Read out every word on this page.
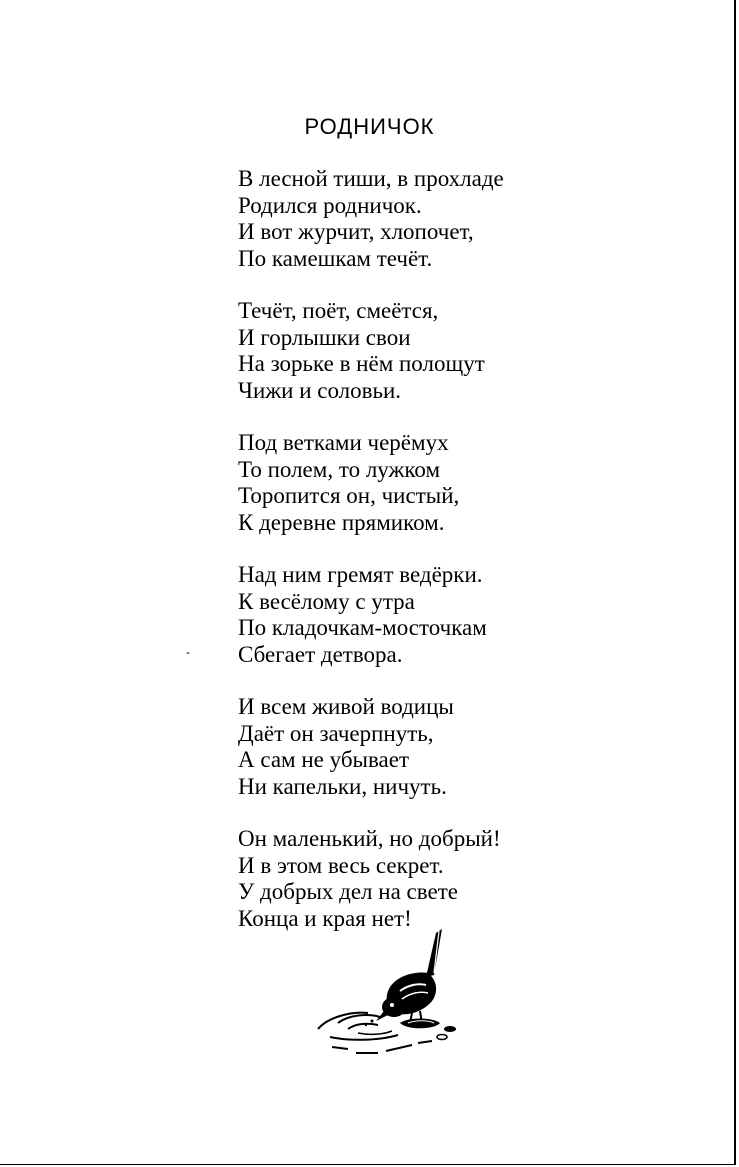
РОДНИЧОК
В лесной тиши, в прохладе
Родился родничок.
И вот журчит, хлопочет,
По камешкам течёт.
Течёт, поёт, смеётся,
И горлышки свои
На зорьке в нём полощут
Чижи и соловьи.
Под ветками черёмух
То полем, то лужком
Торопится он, чистый,
К деревне прямиком.
Над ним гремят ведёрки.
К весёлому с утра
По кладочкам-мосточкам
Сбегает детвора.
И всем живой водицы
Даёт он зачерпнуть,
А сам не убывает
Ни капельки, ничуть.
Он маленький, но добрый!
И в этом весь секрет.
У добрых дел на свете
Конца и края нет!
-
